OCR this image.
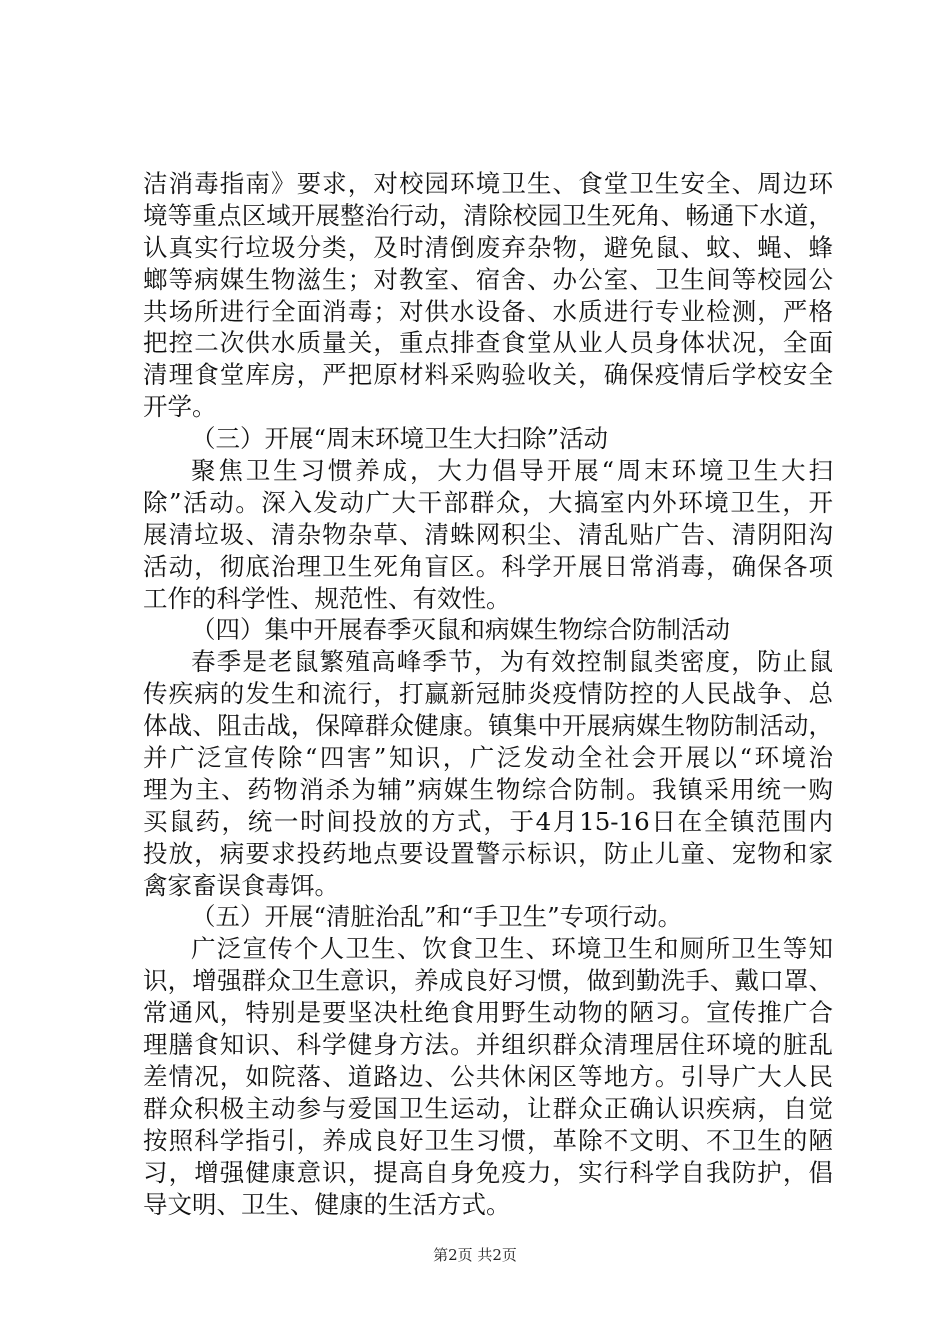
洁消毒指南》要求，对校园环境卫生、食堂卫生安全、周边环
境等重点区域开展整治行动，清除校园卫生死角、畅通下水道，
认真实行垃圾分类，及时清倒废弃杂物，避免鼠、蚊、蝇、蜂
螂等病媒生物滋生；对教室、宿舍、办公室、卫生间等校园公
共场所进行全面消毒；对供水设备、水质进行专业检测，严格
把控二次供水质量关，重点排查食堂从业人员身体状况，全面
清理食堂库房，严把原材料采购验收关，确保疫情后学校安全
开学。
（三）开展“周末环境卫生大扫除”活动
聚焦卫生习惯养成，大力倡导开展“周末环境卫生大扫
除”活动。深入发动广大干部群众，大搞室内外环境卫生，开
展清垃圾、清杂物杂草、清蛛网积尘、清乱贴广告、清阴阳沟
活动，彻底治理卫生死角盲区。科学开展日常消毒，确保各项
工作的科学性、规范性、有效性。
（四）集中开展春季灭鼠和病媒生物综合防制活动
春季是老鼠繁殖高峰季节，为有效控制鼠类密度，防止鼠
传疾病的发生和流行，打赢新冠肺炎疫情防控的人民战争、总
体战、阻击战，保障群众健康。镇集中开展病媒生物防制活动，
并广泛宣传除“四害”知识，广泛发动全社会开展以“环境治
理为主、药物消杀为辅”病媒生物综合防制。我镇采用统一购
买鼠药，统一时间投放的方式，于4月15-16日在全镇范围内
投放，病要求投药地点要设置警示标识，防止儿童、宠物和家
禽家畜误食毒饵。
（五）开展“清脏治乱”和“手卫生”专项行动。
广泛宣传个人卫生、饮食卫生、环境卫生和厕所卫生等知
识，增强群众卫生意识，养成良好习惯，做到勤洗手、戴口罩、
常通风，特别是要坚决杜绝食用野生动物的陋习。宣传推广合
理膳食知识、科学健身方法。并组织群众清理居住环境的脏乱
差情况，如院落、道路边、公共休闲区等地方。引导广大人民
群众积极主动参与爱国卫生运动，让群众正确认识疾病，自觉
按照科学指引，养成良好卫生习惯，革除不文明、不卫生的陋
习，增强健康意识，提高自身免疫力，实行科学自我防护，倡
导文明、卫生、健康的生活方式。
第2页 共2页
